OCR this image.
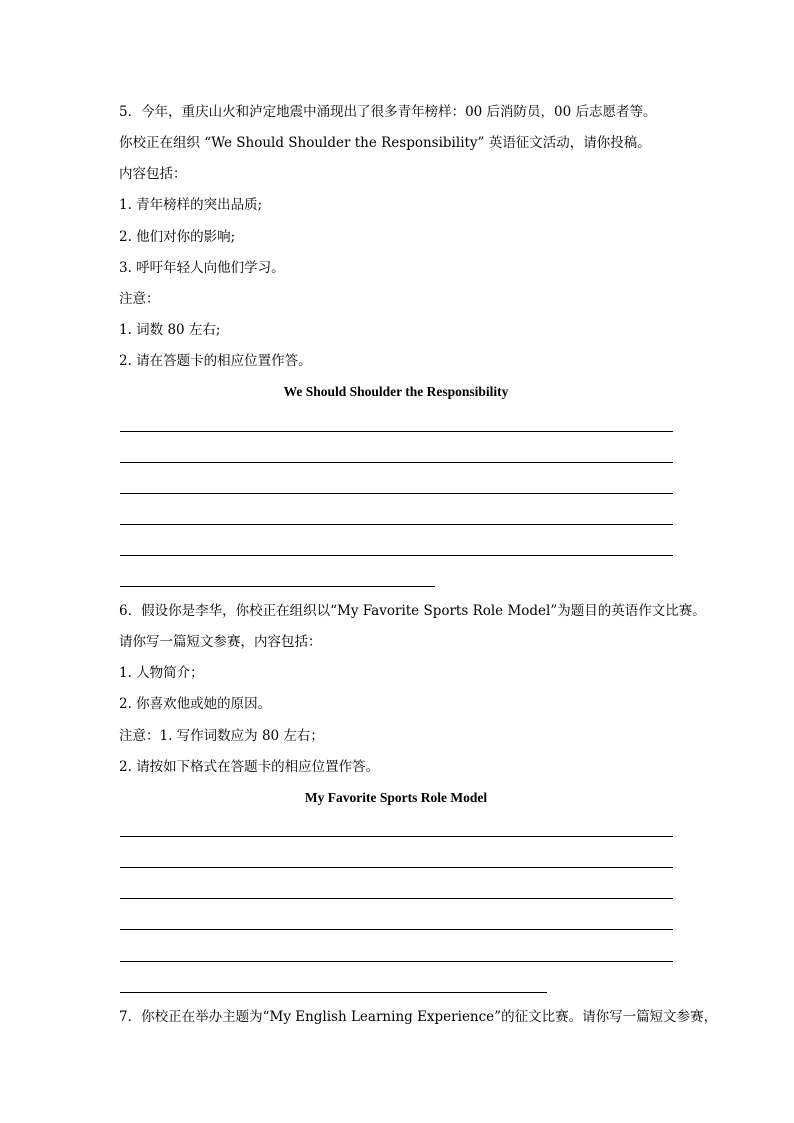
5．今年，重庆山火和泸定地震中涌现出了很多青年榜样：00 后消防员，00 后志愿者等。
你校正在组织 “We Should Shoulder the Responsibility” 英语征文活动，请你投稿。
内容包括：
1. 青年榜样的突出品质;
2. 他们对你的影响;
3. 呼吁年轻人向他们学习。
注意：
1. 词数 80 左右;
2. 请在答题卡的相应位置作答。
We Should Shoulder the Responsibility
6．假设你是李华，你校正在组织以“My Favorite Sports Role Model”为题目的英语作文比赛。
请你写一篇短文参赛，内容包括：
1. 人物简介；
2. 你喜欢他或她的原因。
注意：1. 写作词数应为 80 左右；
2. 请按如下格式在答题卡的相应位置作答。
My Favorite Sports Role Model
7．你校正在举办主题为“My English Learning Experience”的征文比赛。请你写一篇短文参赛，
